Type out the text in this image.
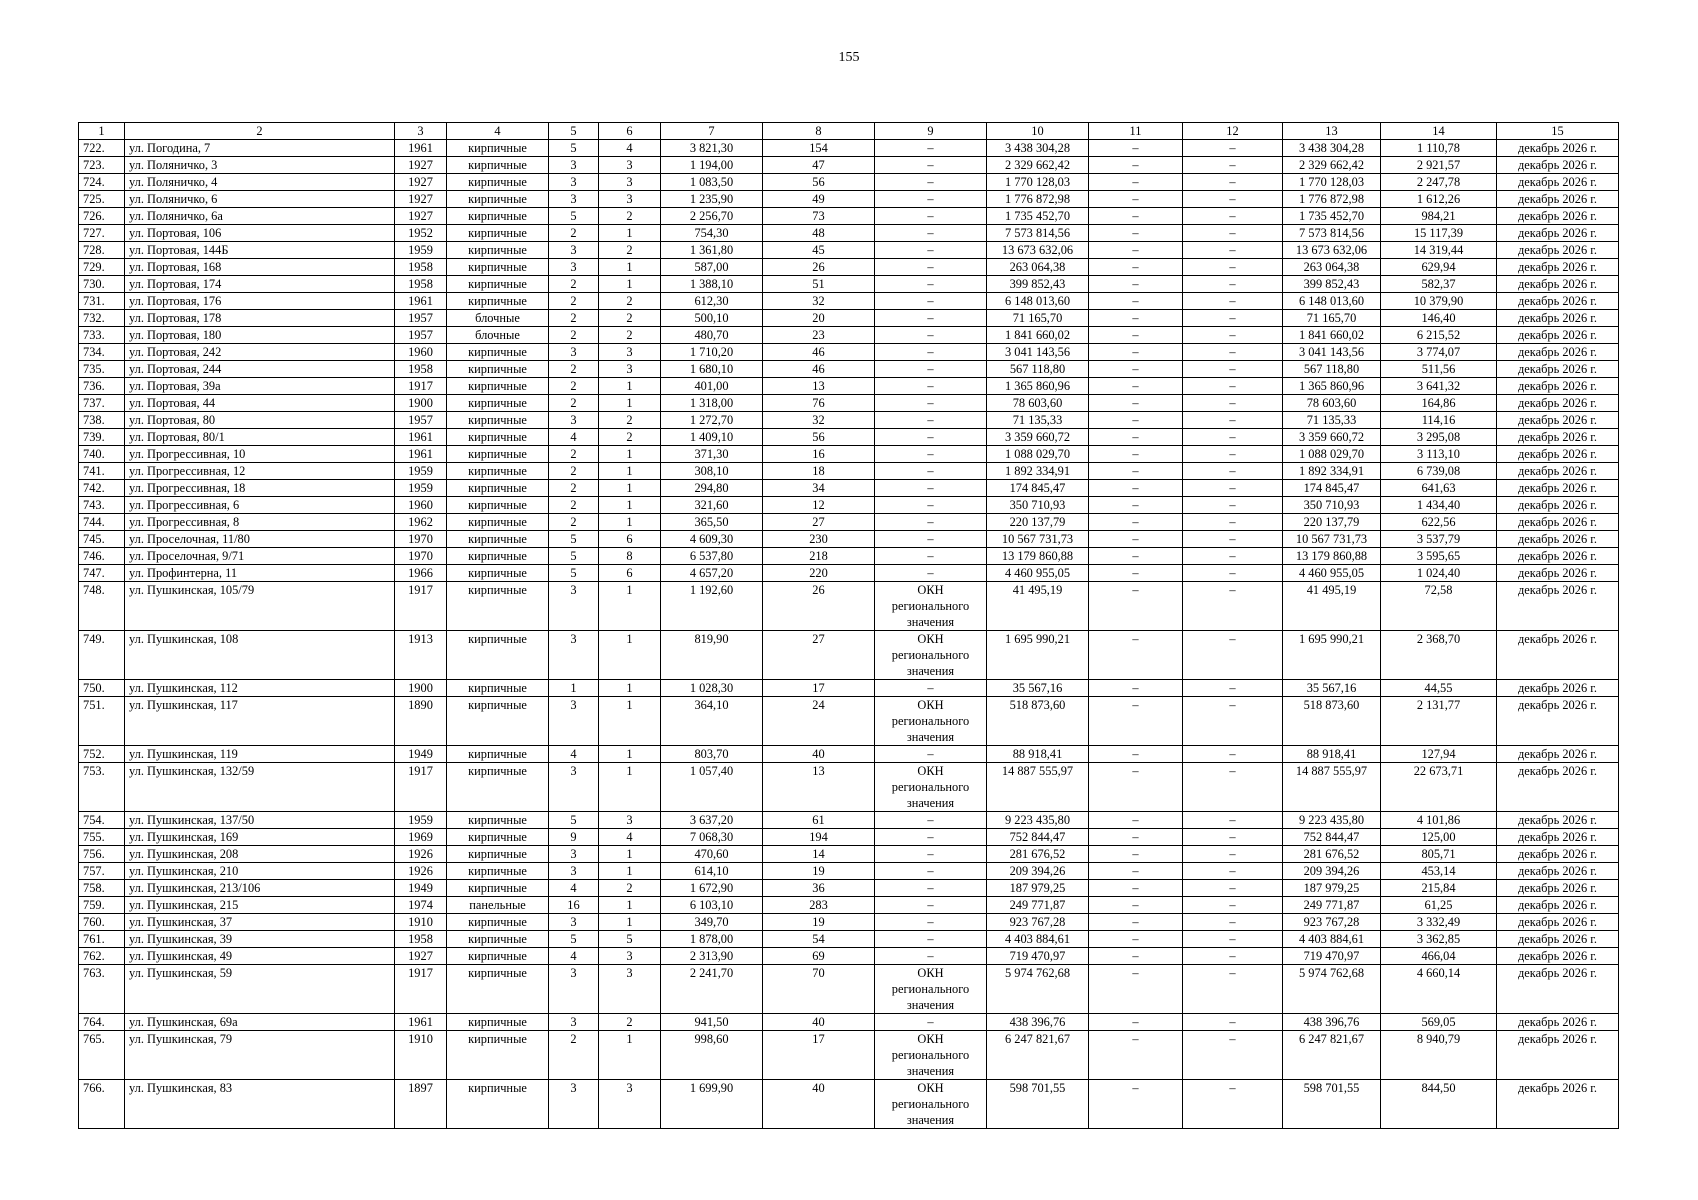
155
1	2	3	4	5	6	7	8	9	10	11	12	13	14	15
722.	ул. Погодина, 7	1961	кирпичные	5	4	3 821,30	154	–	3 438 304,28	–	–	3 438 304,28	1 110,78	декабрь 2026 г.
723.	ул. Поляничко, 3	1927	кирпичные	3	3	1 194,00	47	–	2 329 662,42	–	–	2 329 662,42	2 921,57	декабрь 2026 г.
724.	ул. Поляничко, 4	1927	кирпичные	3	3	1 083,50	56	–	1 770 128,03	–	–	1 770 128,03	2 247,78	декабрь 2026 г.
725.	ул. Поляничко, 6	1927	кирпичные	3	3	1 235,90	49	–	1 776 872,98	–	–	1 776 872,98	1 612,26	декабрь 2026 г.
726.	ул. Поляничко, 6а	1927	кирпичные	5	2	2 256,70	73	–	1 735 452,70	–	–	1 735 452,70	984,21	декабрь 2026 г.
727.	ул. Портовая, 106	1952	кирпичные	2	1	754,30	48	–	7 573 814,56	–	–	7 573 814,56	15 117,39	декабрь 2026 г.
728.	ул. Портовая, 144Б	1959	кирпичные	3	2	1 361,80	45	–	13 673 632,06	–	–	13 673 632,06	14 319,44	декабрь 2026 г.
729.	ул. Портовая, 168	1958	кирпичные	3	1	587,00	26	–	263 064,38	–	–	263 064,38	629,94	декабрь 2026 г.
730.	ул. Портовая, 174	1958	кирпичные	2	1	1 388,10	51	–	399 852,43	–	–	399 852,43	582,37	декабрь 2026 г.
731.	ул. Портовая, 176	1961	кирпичные	2	2	612,30	32	–	6 148 013,60	–	–	6 148 013,60	10 379,90	декабрь 2026 г.
732.	ул. Портовая, 178	1957	блочные	2	2	500,10	20	–	71 165,70	–	–	71 165,70	146,40	декабрь 2026 г.
733.	ул. Портовая, 180	1957	блочные	2	2	480,70	23	–	1 841 660,02	–	–	1 841 660,02	6 215,52	декабрь 2026 г.
734.	ул. Портовая, 242	1960	кирпичные	3	3	1 710,20	46	–	3 041 143,56	–	–	3 041 143,56	3 774,07	декабрь 2026 г.
735.	ул. Портовая, 244	1958	кирпичные	2	3	1 680,10	46	–	567 118,80	–	–	567 118,80	511,56	декабрь 2026 г.
736.	ул. Портовая, 39а	1917	кирпичные	2	1	401,00	13	–	1 365 860,96	–	–	1 365 860,96	3 641,32	декабрь 2026 г.
737.	ул. Портовая, 44	1900	кирпичные	2	1	1 318,00	76	–	78 603,60	–	–	78 603,60	164,86	декабрь 2026 г.
738.	ул. Портовая, 80	1957	кирпичные	3	2	1 272,70	32	–	71 135,33	–	–	71 135,33	114,16	декабрь 2026 г.
739.	ул. Портовая, 80/1	1961	кирпичные	4	2	1 409,10	56	–	3 359 660,72	–	–	3 359 660,72	3 295,08	декабрь 2026 г.
740.	ул. Прогрессивная, 10	1961	кирпичные	2	1	371,30	16	–	1 088 029,70	–	–	1 088 029,70	3 113,10	декабрь 2026 г.
741.	ул. Прогрессивная, 12	1959	кирпичные	2	1	308,10	18	–	1 892 334,91	–	–	1 892 334,91	6 739,08	декабрь 2026 г.
742.	ул. Прогрессивная, 18	1959	кирпичные	2	1	294,80	34	–	174 845,47	–	–	174 845,47	641,63	декабрь 2026 г.
743.	ул. Прогрессивная, 6	1960	кирпичные	2	1	321,60	12	–	350 710,93	–	–	350 710,93	1 434,40	декабрь 2026 г.
744.	ул. Прогрессивная, 8	1962	кирпичные	2	1	365,50	27	–	220 137,79	–	–	220 137,79	622,56	декабрь 2026 г.
745.	ул. Проселочная, 11/80	1970	кирпичные	5	6	4 609,30	230	–	10 567 731,73	–	–	10 567 731,73	3 537,79	декабрь 2026 г.
746.	ул. Проселочная, 9/71	1970	кирпичные	5	8	6 537,80	218	–	13 179 860,88	–	–	13 179 860,88	3 595,65	декабрь 2026 г.
747.	ул. Профинтерна, 11	1966	кирпичные	5	6	4 657,20	220	–	4 460 955,05	–	–	4 460 955,05	1 024,40	декабрь 2026 г.
748.	ул. Пушкинская, 105/79	1917	кирпичные	3	1	1 192,60	26	ОКН регионального значения	41 495,19	–	–	41 495,19	72,58	декабрь 2026 г.
749.	ул. Пушкинская, 108	1913	кирпичные	3	1	819,90	27	ОКН регионального значения	1 695 990,21	–	–	1 695 990,21	2 368,70	декабрь 2026 г.
750.	ул. Пушкинская, 112	1900	кирпичные	1	1	1 028,30	17	–	35 567,16	–	–	35 567,16	44,55	декабрь 2026 г.
751.	ул. Пушкинская, 117	1890	кирпичные	3	1	364,10	24	ОКН регионального значения	518 873,60	–	–	518 873,60	2 131,77	декабрь 2026 г.
752.	ул. Пушкинская, 119	1949	кирпичные	4	1	803,70	40	–	88 918,41	–	–	88 918,41	127,94	декабрь 2026 г.
753.	ул. Пушкинская, 132/59	1917	кирпичные	3	1	1 057,40	13	ОКН регионального значения	14 887 555,97	–	–	14 887 555,97	22 673,71	декабрь 2026 г.
754.	ул. Пушкинская, 137/50	1959	кирпичные	5	3	3 637,20	61	–	9 223 435,80	–	–	9 223 435,80	4 101,86	декабрь 2026 г.
755.	ул. Пушкинская, 169	1969	кирпичные	9	4	7 068,30	194	–	752 844,47	–	–	752 844,47	125,00	декабрь 2026 г.
756.	ул. Пушкинская, 208	1926	кирпичные	3	1	470,60	14	–	281 676,52	–	–	281 676,52	805,71	декабрь 2026 г.
757.	ул. Пушкинская, 210	1926	кирпичные	3	1	614,10	19	–	209 394,26	–	–	209 394,26	453,14	декабрь 2026 г.
758.	ул. Пушкинская, 213/106	1949	кирпичные	4	2	1 672,90	36	–	187 979,25	–	–	187 979,25	215,84	декабрь 2026 г.
759.	ул. Пушкинская, 215	1974	панельные	16	1	6 103,10	283	–	249 771,87	–	–	249 771,87	61,25	декабрь 2026 г.
760.	ул. Пушкинская, 37	1910	кирпичные	3	1	349,70	19	–	923 767,28	–	–	923 767,28	3 332,49	декабрь 2026 г.
761.	ул. Пушкинская, 39	1958	кирпичные	5	5	1 878,00	54	–	4 403 884,61	–	–	4 403 884,61	3 362,85	декабрь 2026 г.
762.	ул. Пушкинская, 49	1927	кирпичные	4	3	2 313,90	69	–	719 470,97	–	–	719 470,97	466,04	декабрь 2026 г.
763.	ул. Пушкинская, 59	1917	кирпичные	3	3	2 241,70	70	ОКН регионального значения	5 974 762,68	–	–	5 974 762,68	4 660,14	декабрь 2026 г.
764.	ул. Пушкинская, 69а	1961	кирпичные	3	2	941,50	40	–	438 396,76	–	–	438 396,76	569,05	декабрь 2026 г.
765.	ул. Пушкинская, 79	1910	кирпичные	2	1	998,60	17	ОКН регионального значения	6 247 821,67	–	–	6 247 821,67	8 940,79	декабрь 2026 г.
766.	ул. Пушкинская, 83	1897	кирпичные	3	3	1 699,90	40	ОКН регионального значения	598 701,55	–	–	598 701,55	844,50	декабрь 2026 г.
